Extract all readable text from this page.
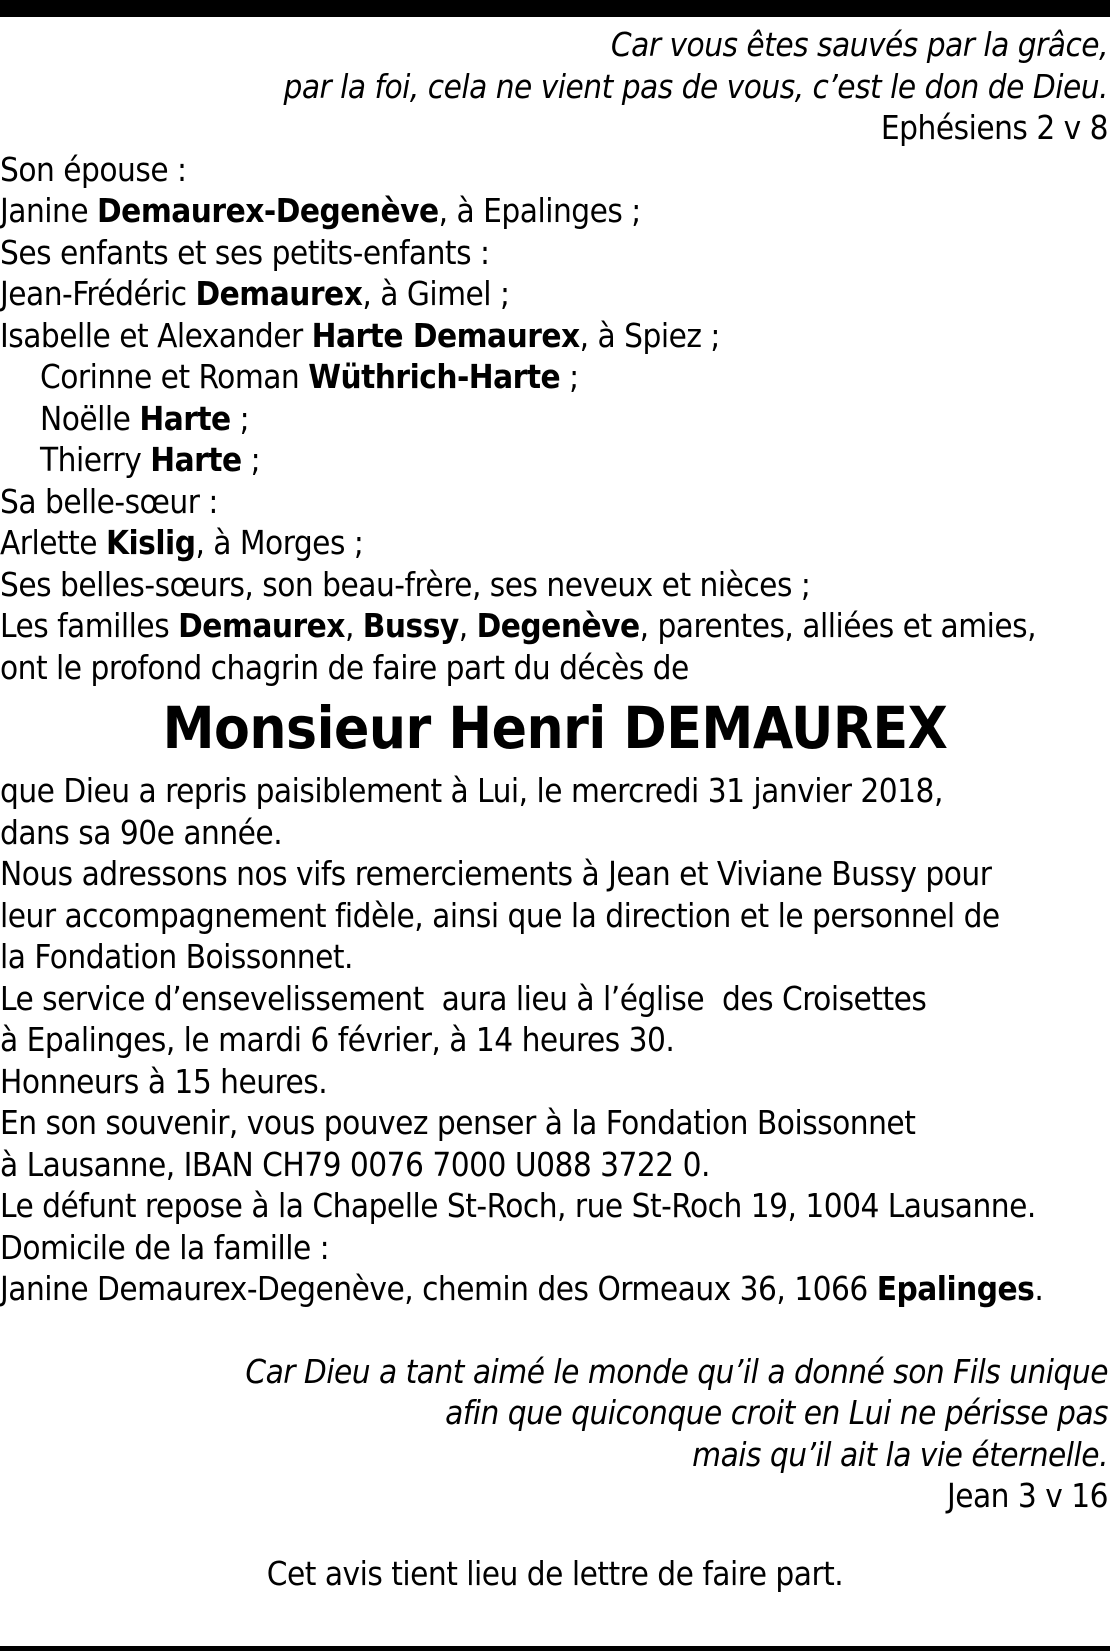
Car vous êtes sauvés par la grâce,
par la foi, cela ne vient pas de vous, c’est le don de Dieu.
Ephésiens 2 v 8
Son épouse :
Janine Demaurex-Degenève, à Epalinges ;
Ses enfants et ses petits-enfants :
Jean-Frédéric Demaurex, à Gimel ;
Isabelle et Alexander Harte Demaurex, à Spiez ;
Corinne et Roman Wüthrich-Harte ;
Noëlle Harte ;
Thierry Harte ;
Sa belle-sœur :
Arlette Kislig, à Morges ;
Ses belles-sœurs, son beau-frère, ses neveux et nièces ;
Les familles Demaurex, Bussy, Degenève, parentes, alliées et amies,
ont le profond chagrin de faire part du décès de
Monsieur Henri DEMAUREX
que Dieu a repris paisiblement à Lui, le mercredi 31 janvier 2018,
dans sa 90e année.
Nous adressons nos vifs remerciements à Jean et Viviane Bussy pour
leur accompagnement fidèle, ainsi que la direction et le personnel de
la Fondation Boissonnet.
Le service d’ensevelissement  aura lieu à l’église  des Croisettes
à Epalinges, le mardi 6 février, à 14 heures 30.
Honneurs à 15 heures.
En son souvenir, vous pouvez penser à la Fondation Boissonnet
à Lausanne, IBAN CH79 0076 7000 U088 3722 0.
Le défunt repose à la Chapelle St-Roch, rue St-Roch 19, 1004 Lausanne.
Domicile de la famille :
Janine Demaurex-Degenève, chemin des Ormeaux 36, 1066 Epalinges.
Car Dieu a tant aimé le monde qu’il a donné son Fils unique
afin que quiconque croit en Lui ne périsse pas
mais qu’il ait la vie éternelle.
Jean 3 v 16
Cet avis tient lieu de lettre de faire part.
